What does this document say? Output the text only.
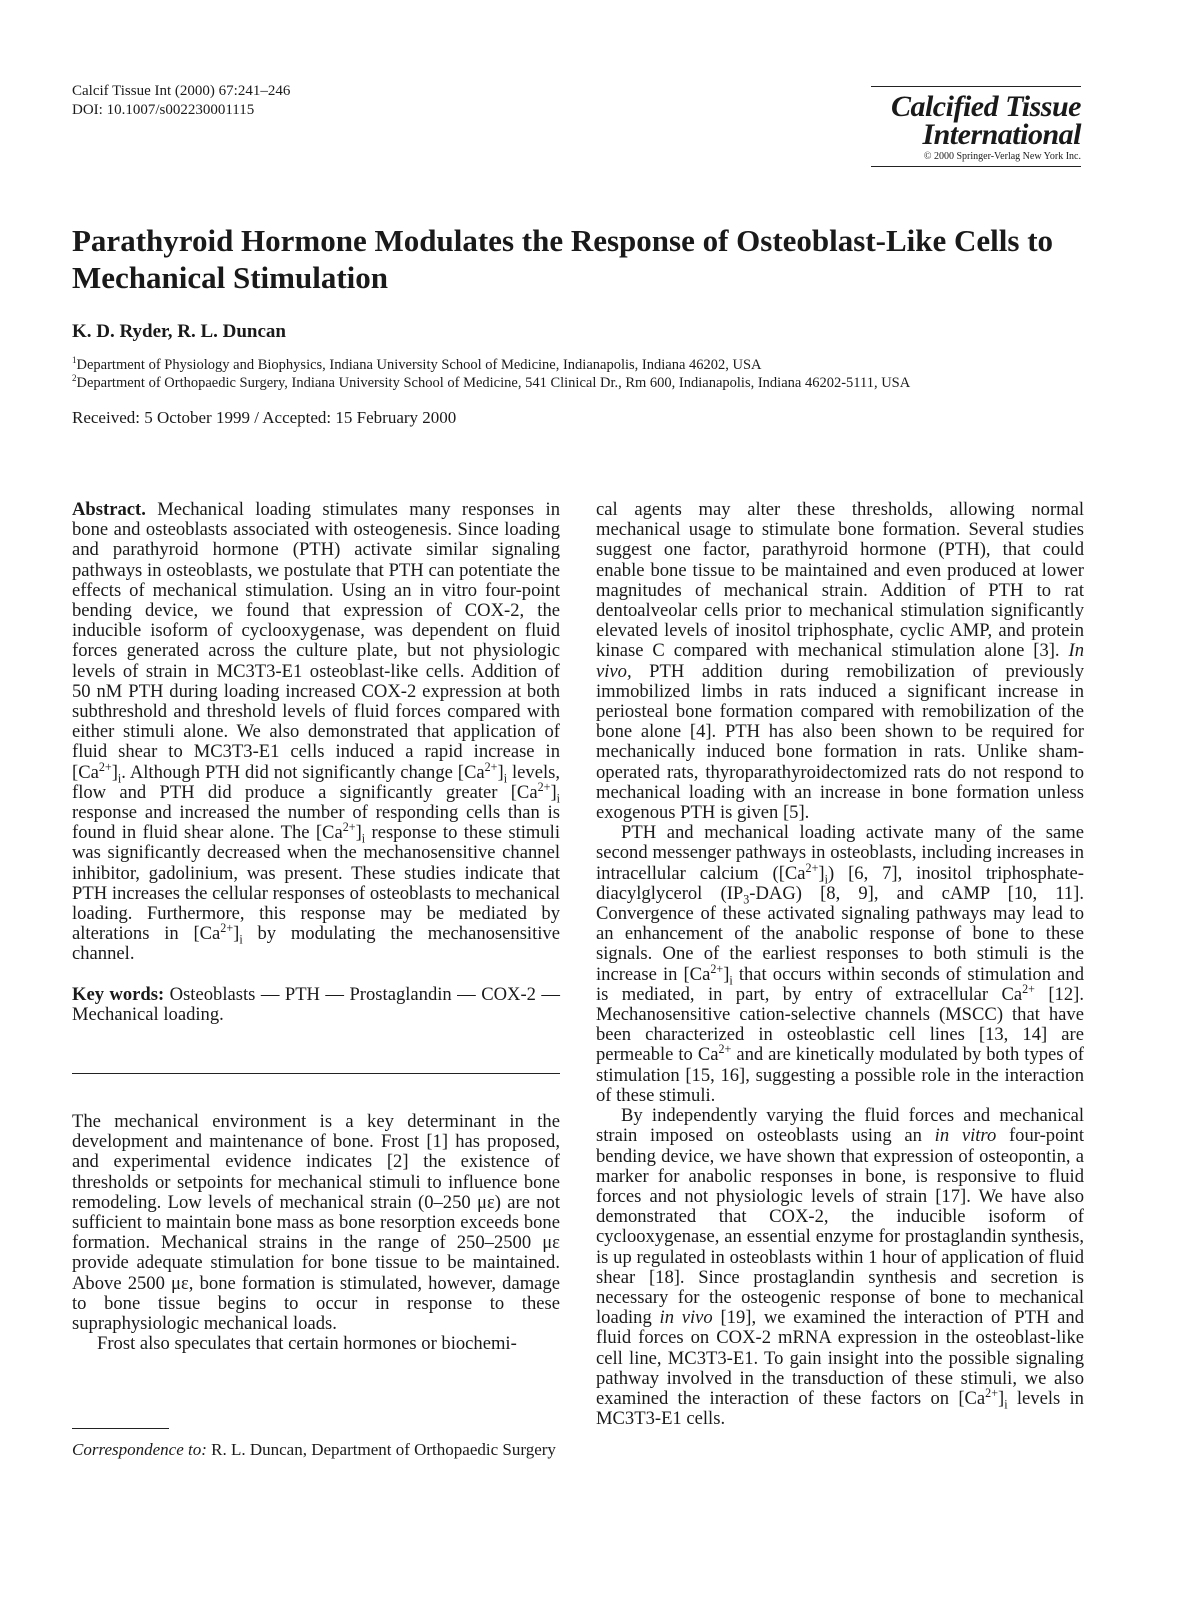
Calcif Tissue Int (2000) 67:241–246
DOI: 10.1007/s002230001115	Calcified Tissue
International
© 2000 Springer-Verlag New York Inc.
Parathyroid Hormone Modulates the Response of Osteoblast-Like Cells to Mechanical Stimulation
K. D. Ryder, R. L. Duncan
$^1$Department of Physiology and Biophysics, Indiana University School of Medicine, Indianapolis, Indiana 46202, USA
$^2$Department of Orthopaedic Surgery, Indiana University School of Medicine, 541 Clinical Dr., Rm 600, Indianapolis, Indiana 46202-5111, USA
Received: 5 October 1999 / Accepted: 15 February 2000

Abstract. Mechanical loading stimulates many responses in bone and osteoblasts associated with osteogenesis. Since loading and parathyroid hormone (PTH) activate similar signaling pathways in osteoblasts, we postulate that PTH can potentiate the effects of mechanical stimulation. Using an in vitro four-point bending device, we found that expression of COX-2, the inducible isoform of cyclooxygenase, was dependent on fluid forces generated across the culture plate, but not physiologic levels of strain in MC3T3-E1 osteoblast-like cells. Addition of 50 nM PTH during loading increased COX-2 expression at both subthreshold and threshold levels of fluid forces compared with either stimuli alone. We also demonstrated that application of fluid shear to MC3T3-E1 cells induced a rapid increase in $[Ca^{2+}]_i$. Although PTH did not significantly change $[Ca^{2+}]_i$ levels, flow and PTH did produce a significantly greater $[Ca^{2+}]_i$ response and increased the number of responding cells than is found in fluid shear alone. The $[Ca^{2+}]_i$ response to these stimuli was significantly decreased when the mechanosensitive channel inhibitor, gadolinium, was present. These studies indicate that PTH increases the cellular responses of osteoblasts to mechanical loading. Furthermore, this response may be mediated by alterations in $[Ca^{2+}]_i$ by modulating the mechanosensitive channel.

Key words: Osteoblasts — PTH — Prostaglandin — COX-2 — Mechanical loading.

The mechanical environment is a key determinant in the development and maintenance of bone. Frost [1] has proposed, and experimental evidence indicates [2] the existence of thresholds or setpoints for mechanical stimuli to influence bone remodeling. Low levels of mechanical strain (0–250 με) are not sufficient to maintain bone mass as bone resorption exceeds bone formation. Mechanical strains in the range of 250–2500 με provide adequate stimulation for bone tissue to be maintained. Above 2500 με, bone formation is stimulated, however, damage to bone tissue begins to occur in response to these supraphysiologic mechanical loads.

Frost also speculates that certain hormones or biochemi-

Correspondence to: R. L. Duncan, Department of Orthopaedic Surgery

cal agents may alter these thresholds, allowing normal mechanical usage to stimulate bone formation. Several studies suggest one factor, parathyroid hormone (PTH), that could enable bone tissue to be maintained and even produced at lower magnitudes of mechanical strain. Addition of PTH to rat dentoalveolar cells prior to mechanical stimulation significantly elevated levels of inositol triphosphate, cyclic AMP, and protein kinase C compared with mechanical stimulation alone [3]. In vivo, PTH addition during remobilization of previously immobilized limbs in rats induced a significant increase in periosteal bone formation compared with remobilization of the bone alone [4]. PTH has also been shown to be required for mechanically induced bone formation in rats. Unlike sham-operated rats, thyroparathyroidectomized rats do not respond to mechanical loading with an increase in bone formation unless exogenous PTH is given [5].

PTH and mechanical loading activate many of the same second messenger pathways in osteoblasts, including increases in intracellular calcium $([Ca^{2+}]_i)$ [6, 7], inositol triphosphate-diacylglycerol $(IP_3-DAG)$ [8, 9], and cAMP [10, 11]. Convergence of these activated signaling pathways may lead to an enhancement of the anabolic response of bone to these signals. One of the earliest responses to both stimuli is the increase in $[Ca^{2+}]_i$ that occurs within seconds of stimulation and is mediated, in part, by entry of extracellular $Ca^{2+}$ [12]. Mechanosensitive cation-selective channels (MSCC) that have been characterized in osteoblastic cell lines [13, 14] are permeable to $Ca^{2+}$ and are kinetically modulated by both types of stimulation [15, 16], suggesting a possible role in the interaction of these stimuli.

By independently varying the fluid forces and mechanical strain imposed on osteoblasts using an in vitro four-point bending device, we have shown that expression of osteopontin, a marker for anabolic responses in bone, is responsive to fluid forces and not physiologic levels of strain [17]. We have also demonstrated that COX-2, the inducible isoform of cyclooxygenase, an essential enzyme for prostaglandin synthesis, is up regulated in osteoblasts within 1 hour of application of fluid shear [18]. Since prostaglandin synthesis and secretion is necessary for the osteogenic response of bone to mechanical loading in vivo [19], we examined the interaction of PTH and fluid forces on COX-2 mRNA expression in the osteoblast-like cell line, MC3T3-E1. To gain insight into the possible signaling pathway involved in the transduction of these stimuli, we also examined the interaction of these factors on $[Ca^{2+}]_i$ levels in MC3T3-E1 cells.
